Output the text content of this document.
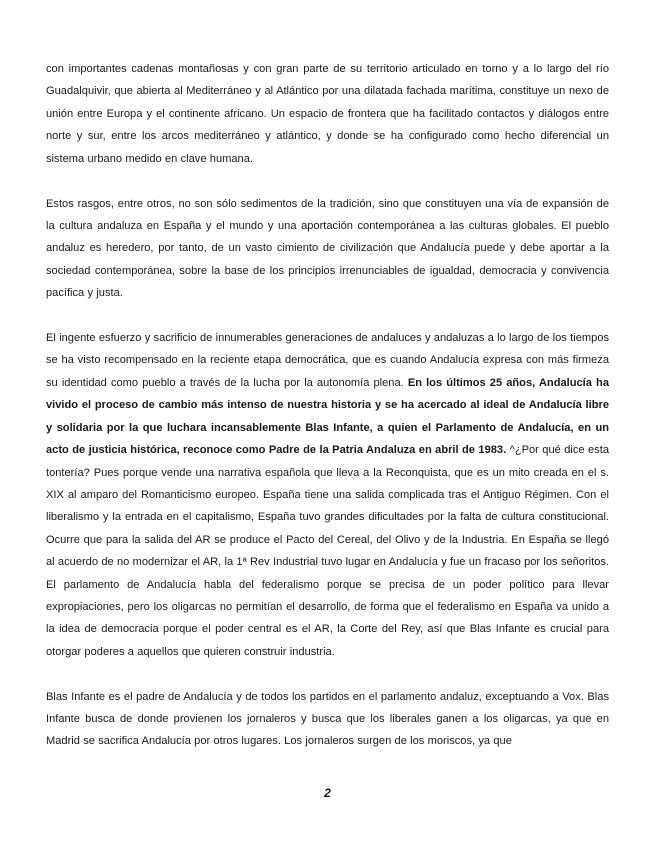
con importantes cadenas montañosas y con gran parte de su territorio articulado en torno y a lo largo del río Guadalquivir, que abierta al Mediterráneo y al Atlántico por una dilatada fachada marítima, constituye un nexo de unión entre Europa y el continente africano. Un espacio de frontera que ha facilitado contactos y diálogos entre norte y sur, entre los arcos mediterráneo y atlántico, y donde se ha configurado como hecho diferencial un sistema urbano medido en clave humana.

Estos rasgos, entre otros, no son sólo sedimentos de la tradición, sino que constituyen una vía de expansión de la cultura andaluza en España y el mundo y una aportación contemporánea a las culturas globales. El pueblo andaluz es heredero, por tanto, de un vasto cimiento de civilización que Andalucía puede y debe aportar a la sociedad contemporánea, sobre la base de los principios irrenunciables de igualdad, democracia y convivencia pacífica y justa.

El ingente esfuerzo y sacrificio de innumerables generaciones de andaluces y andaluzas a lo largo de los tiempos se ha visto recompensado en la reciente etapa democrática, que es cuando Andalucía expresa con más firmeza su identidad como pueblo a través de la lucha por la autonomía plena. En los últimos 25 años, Andalucía ha vivido el proceso de cambio más intenso de nuestra historia y se ha acercado al ideal de Andalucía libre y solidaria por la que luchara incansablemente Blas Infante, a quien el Parlamento de Andalucía, en un acto de justicia histórica, reconoce como Padre de la Patria Andaluza en abril de 1983. ^¿Por qué dice esta tontería? Pues porque vende una narrativa española que lleva a la Reconquista, que es un mito creada en el s. XIX al amparo del Romanticismo europeo. España tiene una salida complicada tras el Antiguo Régimen. Con el liberalismo y la entrada en el capitalismo, España tuvo grandes dificultades por la falta de cultura constitucional. Ocurre que para la salida del AR se produce el Pacto del Cereal, del Olivo y de la Industria. En España se llegó al acuerdo de no modernizar el AR, la 1ª Rev Industrial tuvo lugar en Andalucía y fue un fracaso por los señoritos. El parlamento de Andalucía habla del federalismo porque se precisa de un poder político para llevar expropiaciones, pero los oligarcas no permitían el desarrollo, de forma que el federalismo en España va unido a la idea de democracia porque el poder central es el AR, la Corte del Rey, así que Blas Infante es crucial para otorgar poderes a aquellos que quieren construir industria.

Blas Infante es el padre de Andalucía y de todos los partidos en el parlamento andaluz, exceptuando a Vox. Blas Infante busca de donde provienen los jornaleros y busca que los liberales ganen a los oligarcas, ya que en Madrid se sacrifica Andalucía por otros lugares. Los jornaleros surgen de los moriscos, ya que

2
